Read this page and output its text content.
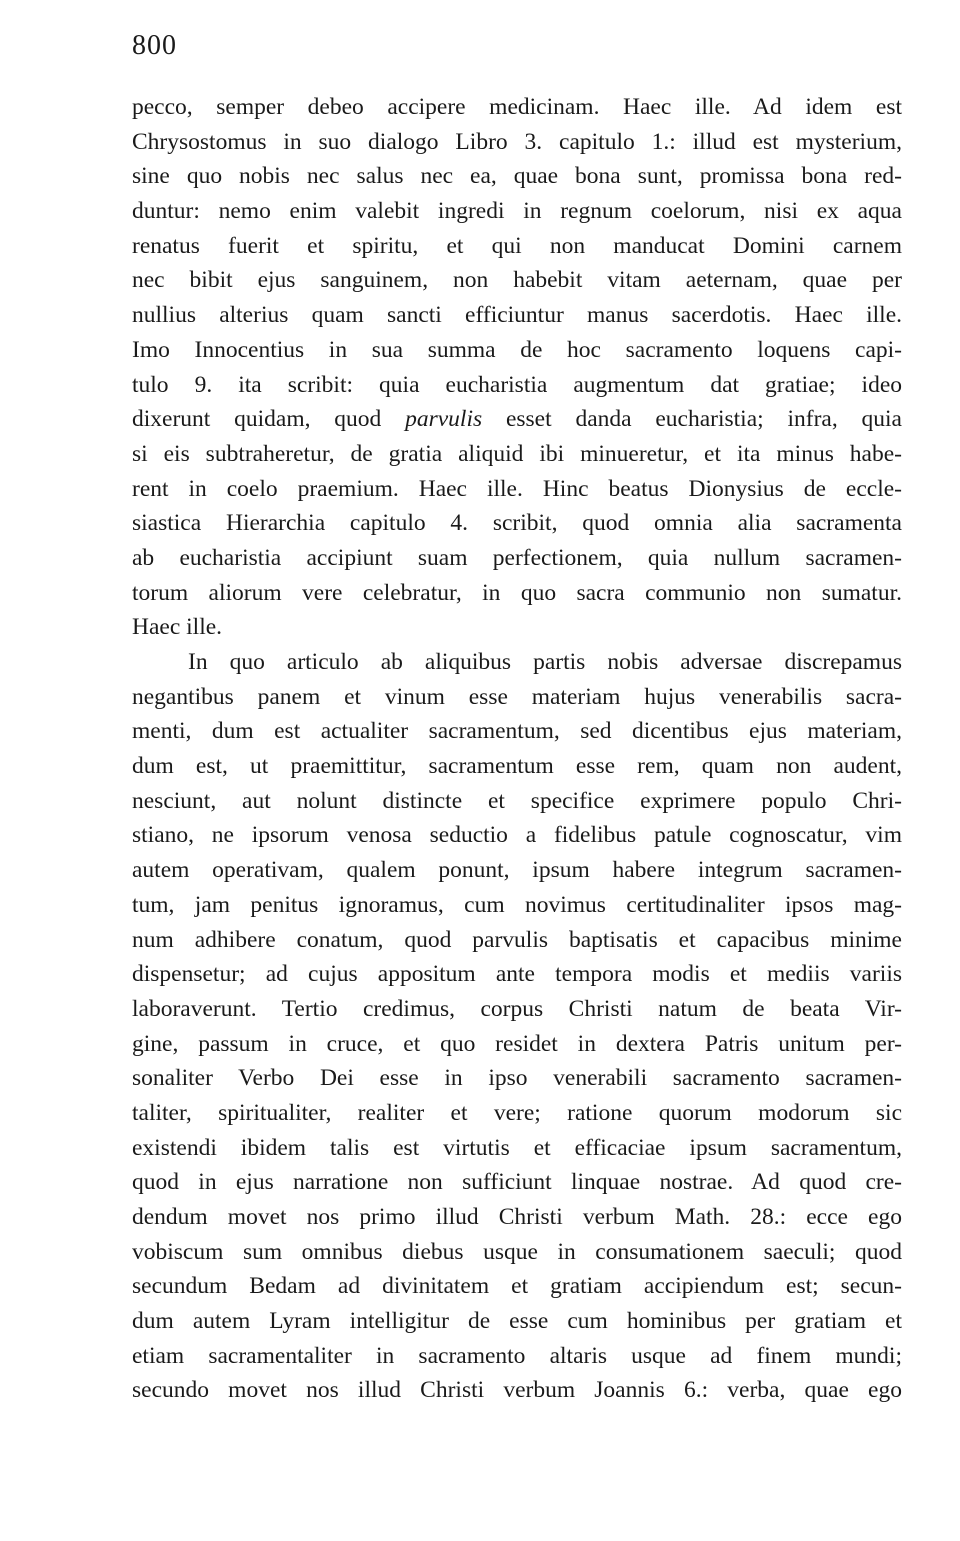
800
pecco, semper debeo accipere medicinam. Haec ille. Ad idem est
Chrysostomus in suo dialogo Libro 3. capitulo 1.: illud est mysterium,
sine quo nobis nec salus nec ea, quae bona sunt, promissa bona red-
duntur: nemo enim valebit ingredi in regnum coelorum, nisi ex aqua
renatus fuerit et spiritu, et qui non manducat Domini carnem
nec bibit ejus sanguinem, non habebit vitam aeternam, quae per
nullius alterius quam sancti efficiuntur manus sacerdotis. Haec ille.
Imo Innocentius in sua summa de hoc sacramento loquens capi-
tulo 9. ita scribit: quia eucharistia augmentum dat gratiae; ideo
dixerunt quidam, quod parvulis esset danda eucharistia; infra, quia
si eis subtraheretur, de gratia aliquid ibi minueretur, et ita minus habe-
rent in coelo praemium. Haec ille. Hinc beatus Dionysius de eccle-
siastica Hierarchia capitulo 4. scribit, quod omnia alia sacramenta
ab eucharistia accipiunt suam perfectionem, quia nullum sacramen-
torum aliorum vere celebratur, in quo sacra communio non sumatur.
Haec ille.
In quo articulo ab aliquibus partis nobis adversae discrepamus
negantibus panem et vinum esse materiam hujus venerabilis sacra-
menti, dum est actualiter sacramentum, sed dicentibus ejus materiam,
dum est, ut praemittitur, sacramentum esse rem, quam non audent,
nesciunt, aut nolunt distincte et specifice exprimere populo Chri-
stiano, ne ipsorum venosa seductio a fidelibus patule cognoscatur, vim
autem operativam, qualem ponunt, ipsum habere integrum sacramen-
tum, jam penitus ignoramus, cum novimus certitudinaliter ipsos mag-
num adhibere conatum, quod parvulis baptisatis et capacibus minime
dispensetur; ad cujus appositum ante tempora modis et mediis variis
laboraverunt. Tertio credimus, corpus Christi natum de beata Vir-
gine, passum in cruce, et quo residet in dextera Patris unitum per-
sonaliter Verbo Dei esse in ipso venerabili sacramento sacramen-
taliter, spiritualiter, realiter et vere; ratione quorum modorum sic
existendi ibidem talis est virtutis et efficaciae ipsum sacramentum,
quod in ejus narratione non sufficiunt linquae nostrae. Ad quod cre-
dendum movet nos primo illud Christi verbum Math. 28.: ecce ego
vobiscum sum omnibus diebus usque in consumationem saeculi; quod
secundum Bedam ad divinitatem et gratiam accipiendum est; secun-
dum autem Lyram intelligitur de esse cum hominibus per gratiam et
etiam sacramentaliter in sacramento altaris usque ad finem mundi;
secundo movet nos illud Christi verbum Joannis 6.: verba, quae ego
